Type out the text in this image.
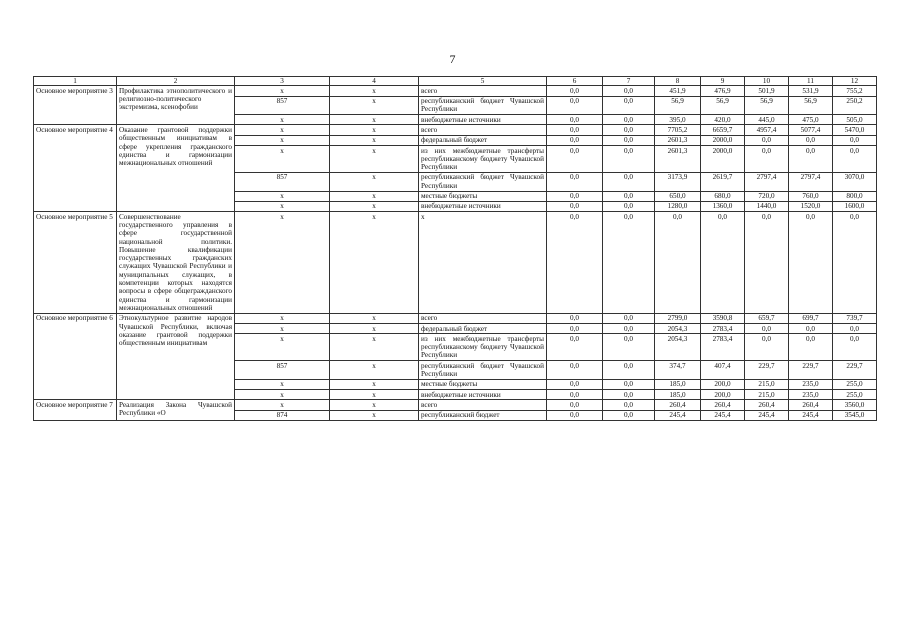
7
1	2	3	4	5	6	7	8	9	10	11	12
Основное мероприятие 3	Профилактика этнополитического и религиозно-политического экстремизма, ксенофобии	x	x	всего	0,0	0,0	451,9	476,9	501,9	531,9	755,2
		857	x	республиканский бюджет Чувашской Республики	0,0	0,0	56,9	56,9	56,9	56,9	250,2
		x	x	внебюджетные источники	0,0	0,0	395,0	420,0	445,0	475,0	505,0
Основное мероприятие 4	Оказание грантовой поддержки общественным инициативам в сфере укрепления гражданского единства и гармонизации межнациональных отношений	x	x	всего	0,0	0,0	7705,2	6659,7	4957,4	5077,4	5470,0
		x	x	федеральный бюджет	0,0	0,0	2601,3	2000,0	0,0	0,0	0,0
		x	x	из них межбюджетные трансферты республиканскому бюджету Чувашской Республики	0,0	0,0	2601,3	2000,0	0,0	0,0	0,0
		857	x	республиканский бюджет Чувашской Республики	0,0	0,0	3173,9	2619,7	2797,4	2797,4	3070,0
		x	x	местные бюджеты	0,0	0,0	650,0	680,0	720,0	760,0	800,0
		x	x	внебюджетные источники	0,0	0,0	1280,0	1360,0	1440,0	1520,0	1600,0
Основное мероприятие 5	Совершенствование государственного управления в сфере государственной национальной политики. Повышение квалификации государственных гражданских служащих Чувашской Республики и муниципальных служащих, в компетенции которых находятся вопросы в сфере общегражданского единства и гармонизации межнациональных отношений	x	x	x	0,0	0,0	0,0	0,0	0,0	0,0	0,0
Основное мероприятие 6	Этнокультурное развитие народов Чувашской Республики, включая оказание грантовой поддержки общественным инициативам	x	x	всего	0,0	0,0	2799,0	3590,8	659,7	699,7	739,7
		x	x	федеральный бюджет	0,0	0,0	2054,3	2783,4	0,0	0,0	0,0
		x	x	из них межбюджетные трансферты республиканскому бюджету Чувашской Республики	0,0	0,0	2054,3	2783,4	0,0	0,0	0,0
		857	x	республиканский бюджет Чувашской Республики	0,0	0,0	374,7	407,4	229,7	229,7	229,7
		x	x	местные бюджеты	0,0	0,0	185,0	200,0	215,0	235,0	255,0
		x	x	внебюджетные источники	0,0	0,0	185,0	200,0	215,0	235,0	255,0
Основное мероприятие 7	Реализация Закона Чувашской Республики «О	x	x	всего	0,0	0,0	260,4	260,4	260,4	260,4	3560,0
		874	x	республиканский бюджет	0,0	0,0	245,4	245,4	245,4	245,4	3545,0
